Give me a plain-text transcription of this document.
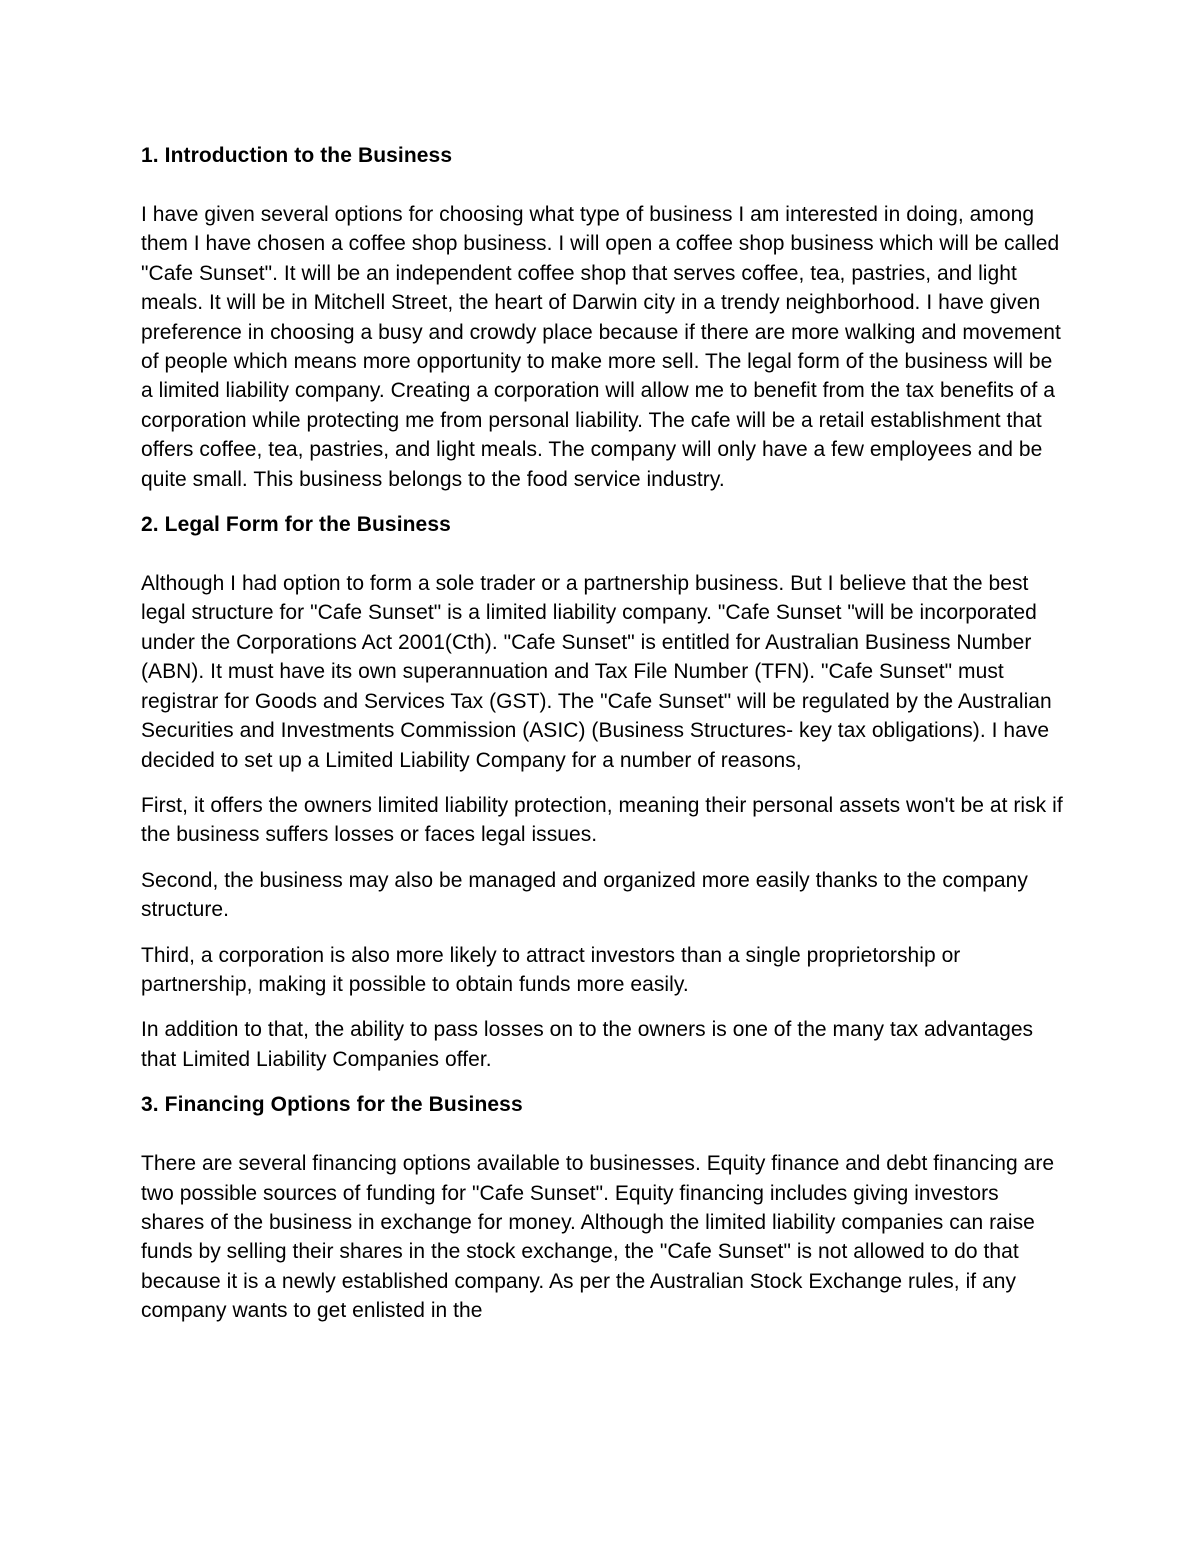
1. Introduction to the Business

I have given several options for choosing what type of business I am interested in doing, among them I have chosen a coffee shop business. I will open a coffee shop business which will be called "Cafe Sunset". It will be an independent coffee shop that serves coffee, tea, pastries, and light meals. It will be in Mitchell Street, the heart of Darwin city in a trendy neighborhood. I have given preference in choosing a busy and crowdy place because if there are more walking and movement of people which means more opportunity to make more sell. The legal form of the business will be a limited liability company. Creating a corporation will allow me to benefit from the tax benefits of a corporation while protecting me from personal liability. The cafe will be a retail establishment that offers coffee, tea, pastries, and light meals. The company will only have a few employees and be quite small. This business belongs to the food service industry.

2. Legal Form for the Business

Although I had option to form a sole trader or a partnership business. But I believe that the best legal structure for "Cafe Sunset" is a limited liability company. "Cafe Sunset "will be incorporated under the Corporations Act 2001(Cth). "Cafe Sunset" is entitled for Australian Business Number (ABN). It must have its own superannuation and Tax File Number (TFN). "Cafe Sunset" must registrar for Goods and Services Tax (GST). The "Cafe Sunset" will be regulated by the Australian Securities and Investments Commission (ASIC) (Business Structures- key tax obligations). I have decided to set up a Limited Liability Company for a number of reasons,

First, it offers the owners limited liability protection, meaning their personal assets won't be at risk if the business suffers losses or faces legal issues.

Second, the business may also be managed and organized more easily thanks to the company structure.

Third, a corporation is also more likely to attract investors than a single proprietorship or partnership, making it possible to obtain funds more easily.

In addition to that, the ability to pass losses on to the owners is one of the many tax advantages that Limited Liability Companies offer.

3. Financing Options for the Business

There are several financing options available to businesses. Equity finance and debt financing are two possible sources of funding for "Cafe Sunset". Equity financing includes giving investors shares of the business in exchange for money. Although the limited liability companies can raise funds by selling their shares in the stock exchange, the "Cafe Sunset" is not allowed to do that because it is a newly established company. As per the Australian Stock Exchange rules, if any company wants to get enlisted in the
